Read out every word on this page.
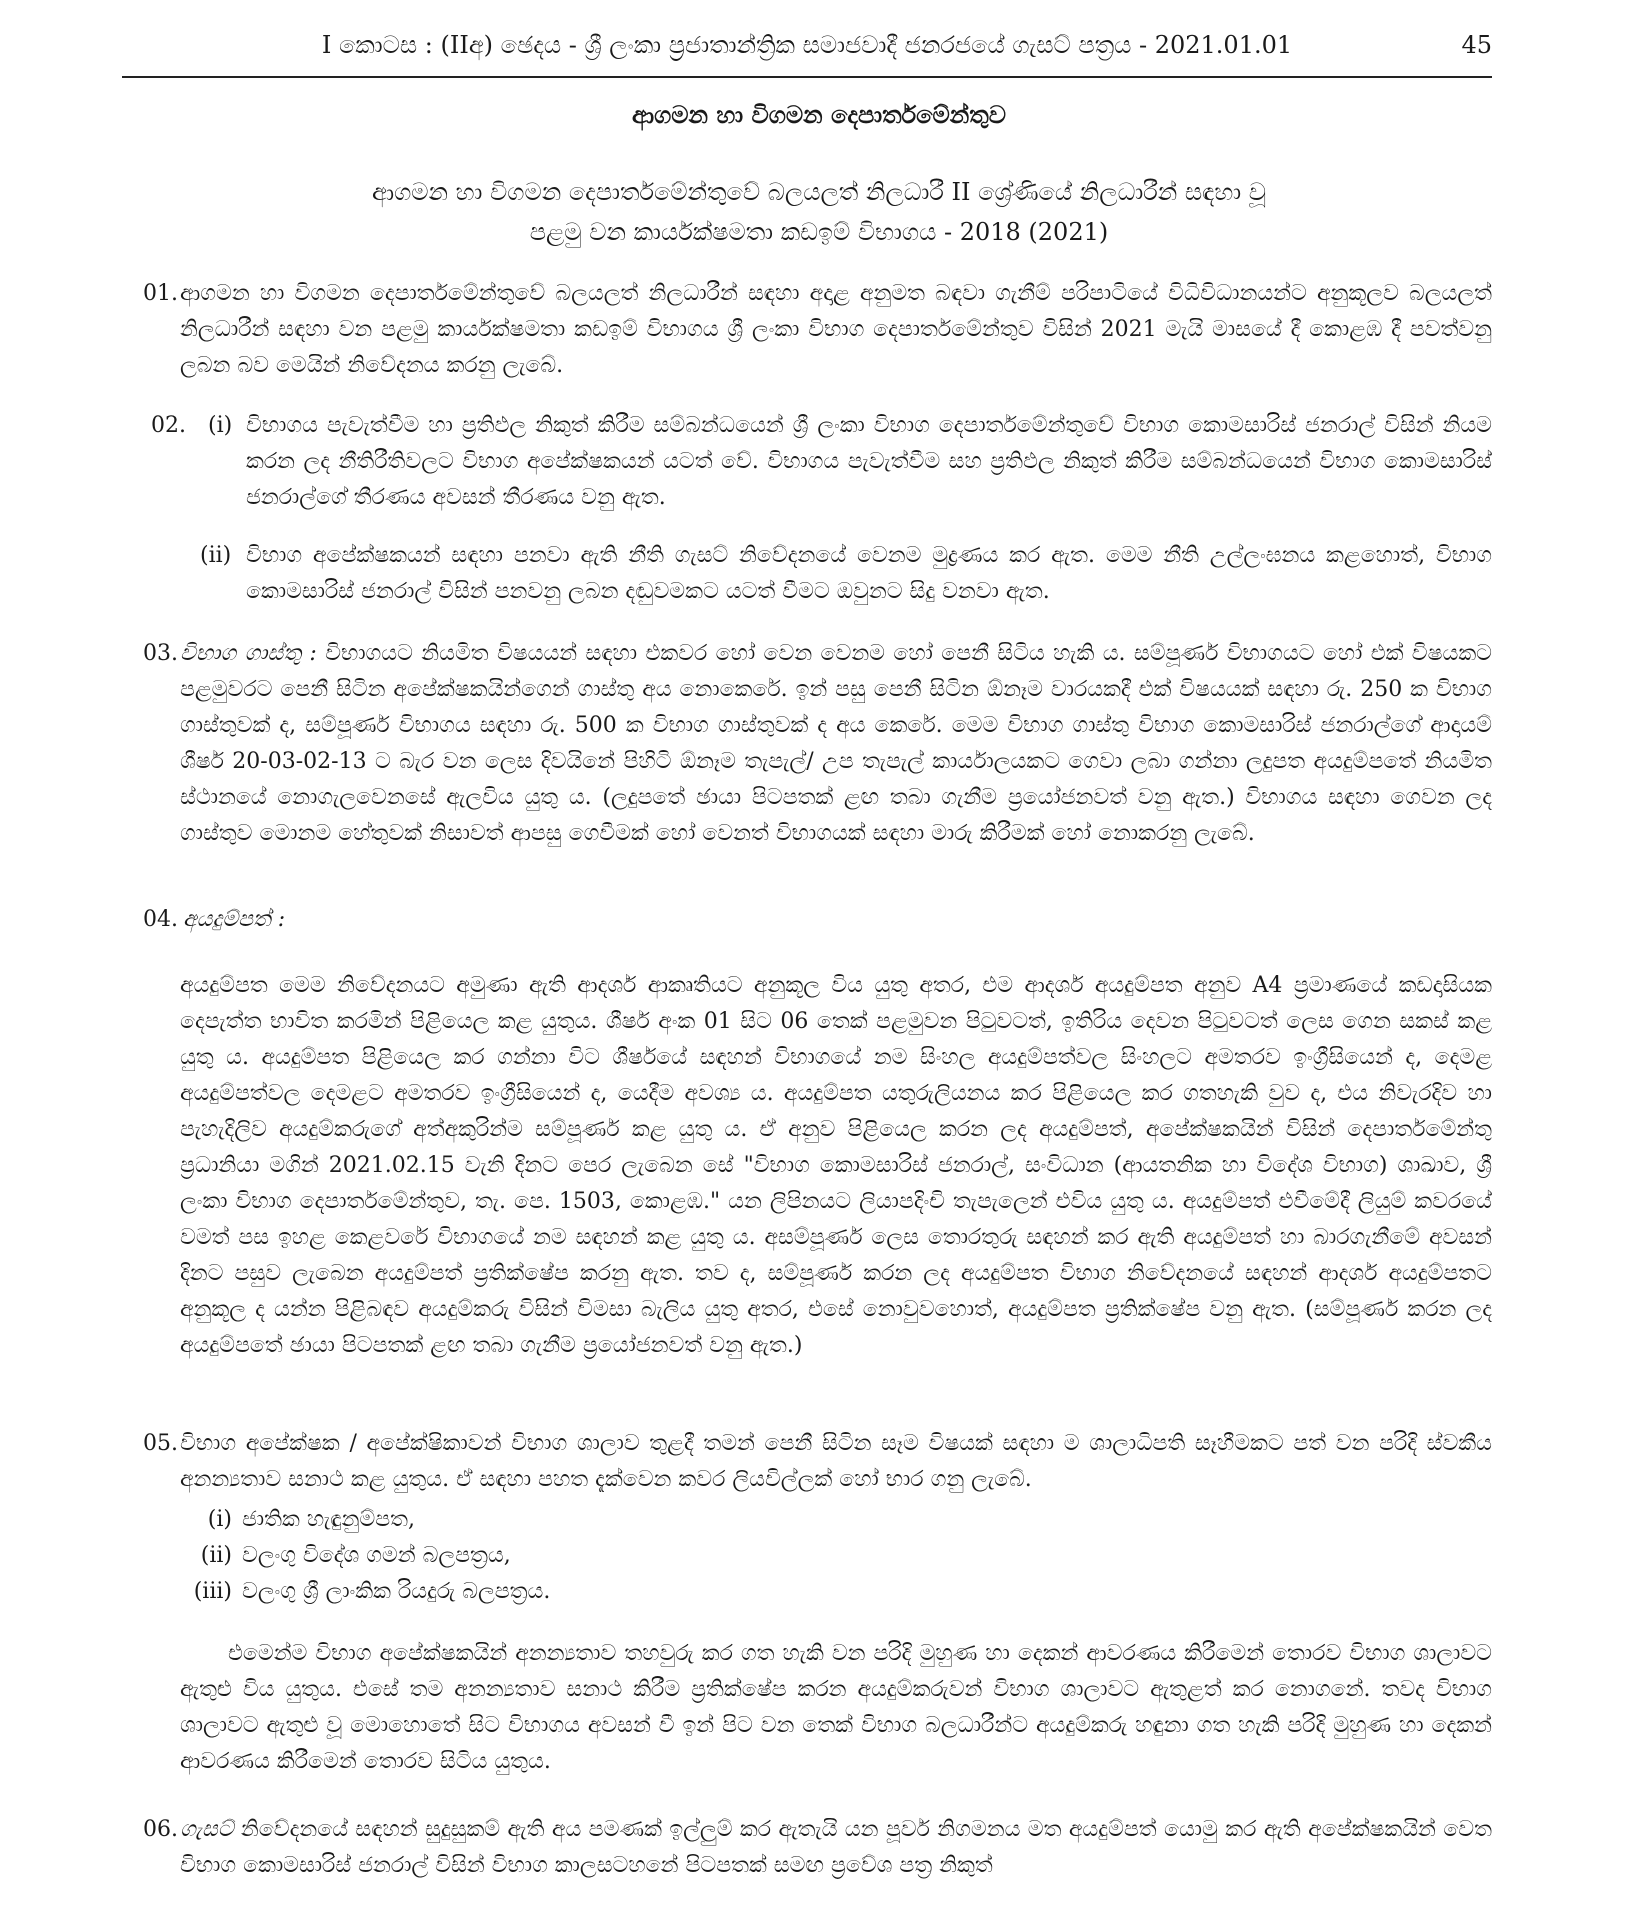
I කොටස : (IIඅ) ඡෙදය - ශ්‍රී ලංකා ප්‍රජාතාන්ත්‍රික සමාජවාදී ජනරජයේ ගැසට් පත්‍රය - 2021.01.01	45
ආගමන හා විගමන දෙපාර්තමේන්තුව
ආගමන හා විගමන දෙපාර්තමේන්තුවේ බලයලත් නිලධාරී II ශ්‍රේණියේ නිලධාරීන් සඳහා වූ
පළමු වන කාර්යක්ෂමතා කඩඉම් විභාගය - 2018 (2021)
01. ආගමන හා විගමන දෙපාර්තමේන්තුවේ බලයලත් නිලධාරීන් සඳහා අදාළ අනුමත බඳවා ගැනීම් පරිපාටියේ විධිවිධානයන්ට අනුකූලව බලයලත් නිලධාරීන් සඳහා වන පළමු කාර්යක්ෂමතා කඩඉම් විභාගය ශ්‍රී ලංකා විභාග දෙපාර්තමේන්තුව විසින් 2021 මැයි මාසයේ දී කොළඹ දී පවත්වනු ලබන බව මෙයින් නිවේදනය කරනු ලැබේ.
02. (i) විභාගය පැවැත්වීම හා ප්‍රතිඵල නිකුත් කිරීම සම්බන්ධයෙන් ශ්‍රී ලංකා විභාග දෙපාර්තමේන්තුවේ විභාග කොමසාරිස් ජනරාල් විසින් නියම කරන ලද නීතිරීතිවලට විභාග අපේක්ෂකයන් යටත් වේ. විභාගය පැවැත්වීම සහ ප්‍රතිඵල නිකුත් කිරීම සම්බන්ධයෙන් විභාග කොමසාරිස් ජනරාල්ගේ තීරණය අවසන් තීරණය වනු ඇත.
(ii) විභාග අපේක්ෂකයන් සඳහා පනවා ඇති නීති ගැසට් නිවේදනයේ වෙනම මුද්‍රණය කර ඇත. මෙම නීති උල්ලංඝනය කළහොත්, විභාග කොමසාරිස් ජනරාල් විසින් පනවනු ලබන දඬුවමකට යටත් වීමට ඔවුනට සිදු වනවා ඇත.
03. විභාග ගාස්තු : විභාගයට නියමිත විෂයයන් සඳහා එකවර හෝ වෙන වෙනම හෝ පෙනී සිටිය හැකි ය. සම්පූර්ණ විභාගයට හෝ එක් විෂයකට පළමුවරට පෙනී සිටින අපේක්ෂකයින්ගෙන් ගාස්තු අය නොකෙරේ. ඉන් පසු පෙනී සිටින ඕනෑම වාරයකදී එක් විෂයයක් සඳහා රු. 250 ක විභාග ගාස්තුවක් ද, සම්පූර්ණ විභාගය සඳහා රු. 500 ක විභාග ගාස්තුවක් ද අය කෙරේ. මෙම විභාග ගාස්තු විභාග කොමසාරිස් ජනරාල්ගේ ආදායම් ශීර්ෂ 20-03-02-13 ට බැර වන ලෙස දිවයිනේ පිහිටි ඕනෑම තැපැල්/ උප තැපැල් කාර්යාලයකට ගෙවා ලබා ගන්නා ලදුපත අයදුම්පතේ නියමිත ස්ථානයේ නොගැලවෙනසේ ඇලවිය යුතු ය. (ලදුපතේ ඡායා පිටපතක් ළඟ තබා ගැනීම ප්‍රයෝජනවත් වනු ඇත.) විභාගය සඳහා ගෙවන ලද ගාස්තුව මොනම හේතුවක් නිසාවත් ආපසු ගෙවීමක් හෝ වෙනත් විභාගයක් සඳහා මාරු කිරීමක් හෝ නොකරනු ලැබේ.
04. අයදුම්පත් :
අයදුම්පත මෙම නිවේදනයට අමුණා ඇති ආදර්ශ ආකෘතියට අනුකූල විය යුතු අතර, එම ආදර්ශ අයදුම්පත අනුව A4 ප්‍රමාණයේ කඩදාසියක දෙපැත්ත භාවිත කරමින් පිළියෙල කළ යුතුය. ශීර්ෂ අංක 01 සිට 06 තෙක් පළමුවන පිටුවටත්, ඉතිරිය දෙවන පිටුවටත් ලෙස ගෙන සකස් කළ යුතු ය. අයදුම්පත පිළියෙල කර ගන්නා විට ශීර්ෂයේ සඳහන් විභාගයේ නම සිංහල අයදුම්පත්වල සිංහලට අමතරව ඉංග්‍රීසියෙන් ද, දෙමළ අයදුම්පත්වල දෙමළට අමතරව ඉංග්‍රීසියෙන් ද, යෙදීම අවශ්‍ය ය. අයදුම්පත යතුරුලියනය කර පිළියෙල කර ගතහැකි වුව ද, එය නිවැරදිව හා පැහැදිලිව අයදුම්කරුගේ අත්අකුරින්ම සම්පූර්ණ කළ යුතු ය. ඒ අනුව පිළියෙල කරන ලද අයදුම්පත්, අපේක්ෂකයින් විසින් දෙපාර්තමේන්තු ප්‍රධානියා මගින් 2021.02.15 වැනි දිනට පෙර ලැබෙන සේ "විභාග කොමසාරිස් ජනරාල්, සංවිධාන (ආයතනික හා විදේශ විභාග) ශාඛාව, ශ්‍රී ලංකා විභාග දෙපාර්තමේන්තුව, තැ. පෙ. 1503, කොළඹ." යන ලිපිනයට ලියාපදිංචි තැපැලෙන් එවිය යුතු ය. අයදුම්පත් එවීමේදී ලියුම් කවරයේ වමත් පස ඉහළ කෙළවරේ විභාගයේ නම සඳහන් කළ යුතු ය. අසම්පූර්ණ ලෙස තොරතුරු සඳහන් කර ඇති අයදුම්පත් හා බාරගැනීමේ අවසන් දිනට පසුව ලැබෙන අයදුම්පත් ප්‍රතික්ෂේප කරනු ඇත. තව ද, සම්පූර්ණ කරන ලද අයදුම්පත විභාග නිවේදනයේ සඳහන් ආදර්ශ අයදුම්පතට අනුකූල ද යන්න පිළිබඳව අයදුම්කරු විසින් විමසා බැලිය යුතු අතර, එසේ නොවුවහොත්, අයදුම්පත ප්‍රතික්ෂේප වනු ඇත. (සම්පූර්ණ කරන ලද අයදුම්පතේ ඡායා පිටපතක් ළඟ තබා ගැනීම ප්‍රයෝජනවත් වනු ඇත.)
05. විභාග අපේක්ෂක / අපේක්ෂිකාවන් විභාග ශාලාව තුළදී තමන් පෙනී සිටින සෑම විෂයක් සඳහා ම ශාලාධිපති සෑහීමකට පත් වන පරිදි ස්වකීය අනන්‍යතාව සනාථ කළ යුතුය. ඒ සඳහා පහත දැක්වෙන කවර ලියවිල්ලක් හෝ භාර ගනු ලැබේ.
(i) ජාතික හැඳුනුම්පත,
(ii) වලංගු විදේශ ගමන් බලපත්‍රය,
(iii) වලංගු ශ්‍රී ලාංකික රියදුරු බලපත්‍රය.
එමෙන්ම විභාග අපේක්ෂකයින් අනන්‍යතාව තහවුරු කර ගත හැකි වන පරිදි මුහුණ හා දෙකන් ආවරණය කිරීමෙන් තොරව විභාග ශාලාවට ඇතුළු විය යුතුය. එසේ තම අනන්‍යතාව සනාථ කිරීම ප්‍රතික්ෂේප කරන අයදුම්කරුවන් විභාග ශාලාවට ඇතුළත් කර නොගනේ. තවද විභාග ශාලාවට ඇතුළු වූ මොහොතේ සිට විභාගය අවසන් වී ඉන් පිට වන තෙක් විභාග බලධාරීන්ට අයදුම්කරු හඳුනා ගත හැකි පරිදි මුහුණ හා දෙකන් ආවරණය කිරීමෙන් තොරව සිටිය යුතුය.
06. ගැසට් නිවේදනයේ සඳහන් සුදුසුකම් ඇති අය පමණක් ඉල්ලුම් කර ඇතැයි යන පූර්ව නිගමනය මත අයදුම්පත් යොමු කර ඇති අපේක්ෂකයින් වෙත විභාග කොමසාරිස් ජනරාල් විසින් විභාග කාලසටහනේ පිටපතක් සමඟ ප්‍රවේශ පත්‍ර නිකුත්
